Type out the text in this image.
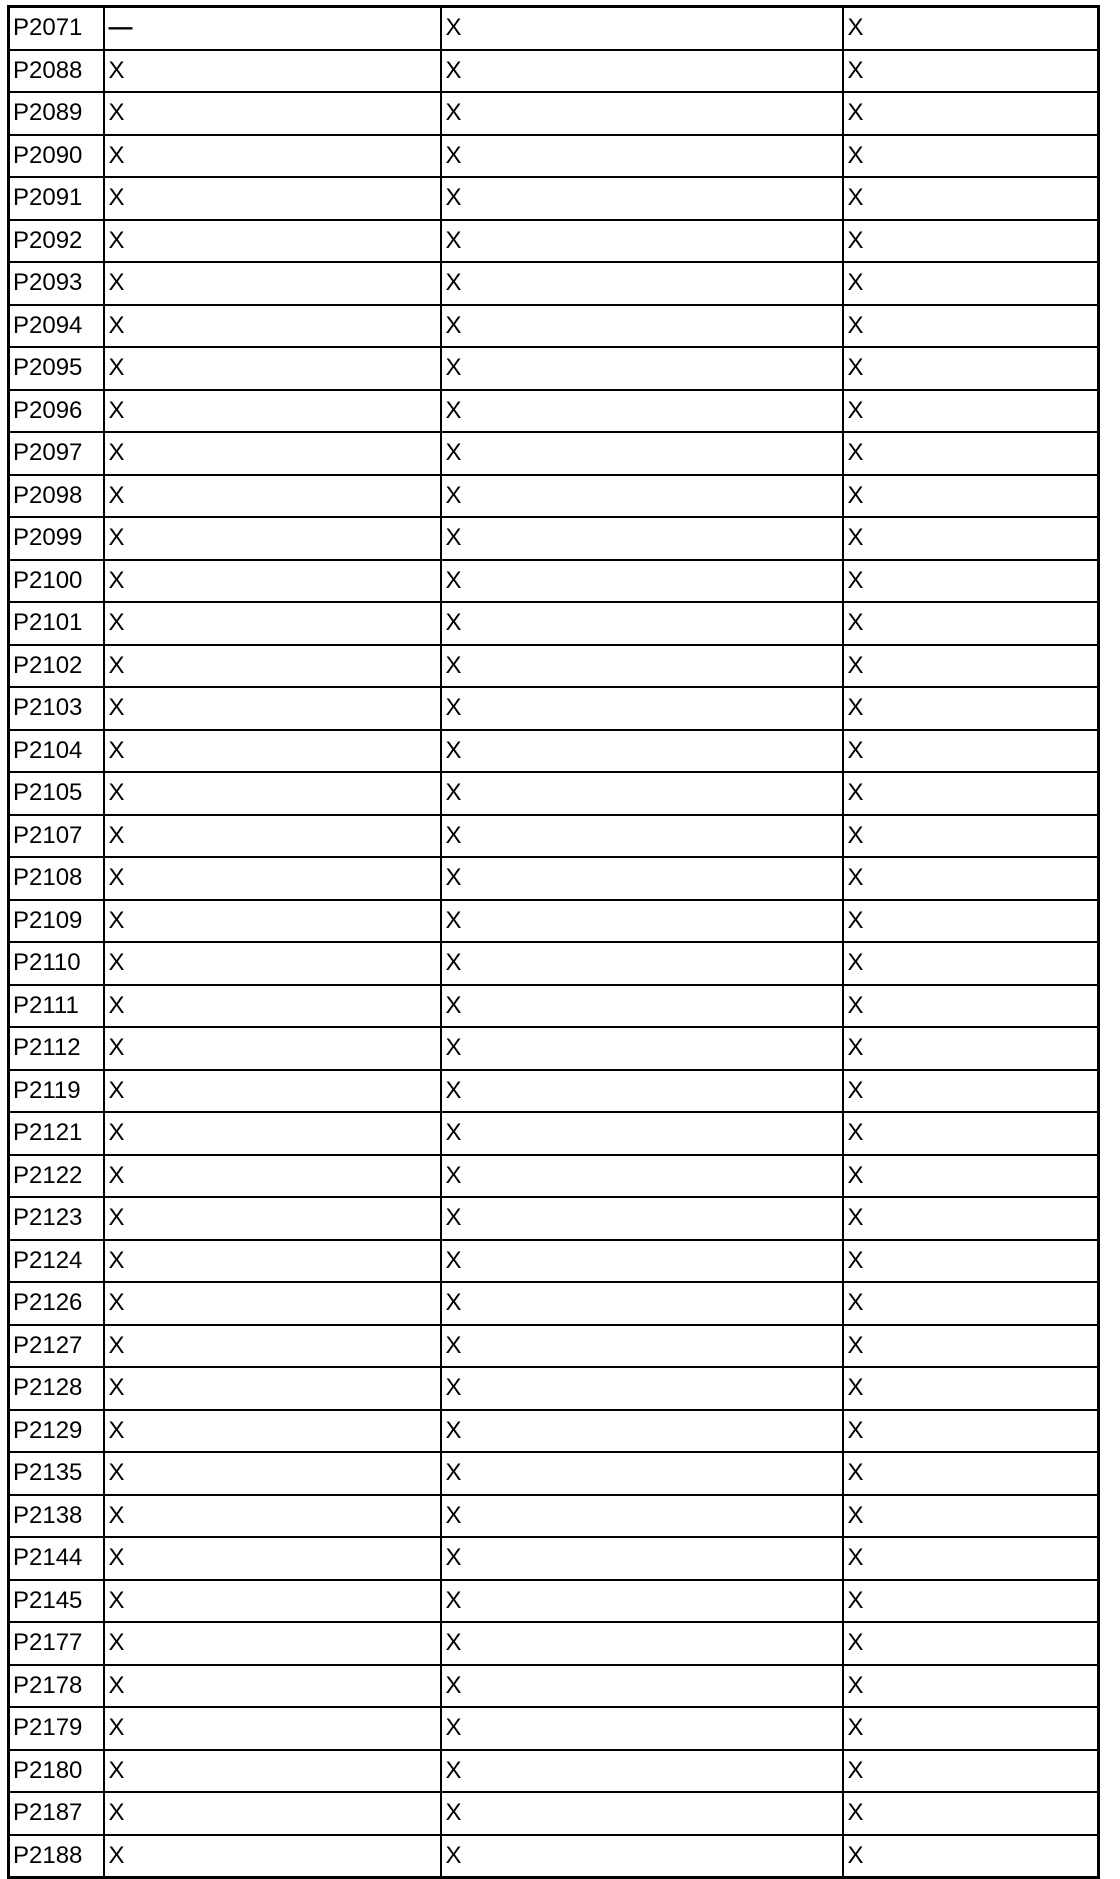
P2071	—	X	X
P2088	X	X	X
P2089	X	X	X
P2090	X	X	X
P2091	X	X	X
P2092	X	X	X
P2093	X	X	X
P2094	X	X	X
P2095	X	X	X
P2096	X	X	X
P2097	X	X	X
P2098	X	X	X
P2099	X	X	X
P2100	X	X	X
P2101	X	X	X
P2102	X	X	X
P2103	X	X	X
P2104	X	X	X
P2105	X	X	X
P2107	X	X	X
P2108	X	X	X
P2109	X	X	X
P2110	X	X	X
P2111	X	X	X
P2112	X	X	X
P2119	X	X	X
P2121	X	X	X
P2122	X	X	X
P2123	X	X	X
P2124	X	X	X
P2126	X	X	X
P2127	X	X	X
P2128	X	X	X
P2129	X	X	X
P2135	X	X	X
P2138	X	X	X
P2144	X	X	X
P2145	X	X	X
P2177	X	X	X
P2178	X	X	X
P2179	X	X	X
P2180	X	X	X
P2187	X	X	X
P2188	X	X	X
